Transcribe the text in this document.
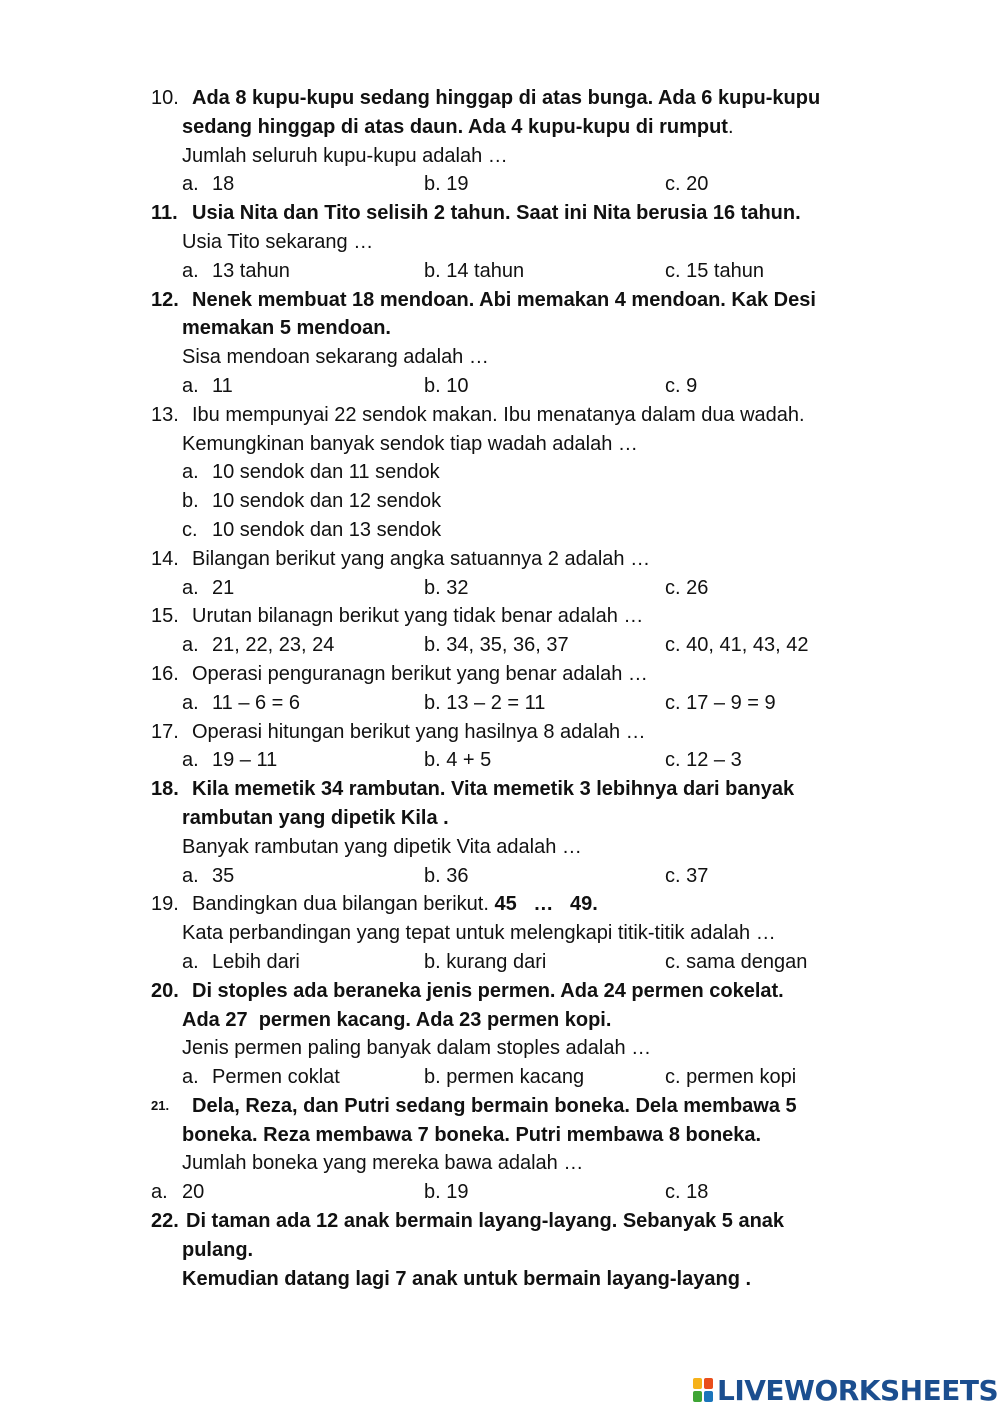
10. Ada 8 kupu-kupu sedang hinggap di atas bunga. Ada 6 kupu-kupu
sedang hinggap di atas daun. Ada 4 kupu-kupu di rumput.
Jumlah seluruh kupu-kupu adalah …
a. 18	b. 19	c. 20
11. Usia Nita dan Tito selisih 2 tahun. Saat ini Nita berusia 16 tahun.
Usia Tito sekarang …
a. 13 tahun	b. 14 tahun	c. 15 tahun
12. Nenek membuat 18 mendoan. Abi memakan 4 mendoan. Kak Desi
memakan 5 mendoan.
Sisa mendoan sekarang adalah …
a. 11	b. 10	c. 9
13. Ibu mempunyai 22 sendok makan. Ibu menatanya dalam dua wadah.
Kemungkinan banyak sendok tiap wadah adalah …
a. 10 sendok dan 11 sendok
b. 10 sendok dan 12 sendok
c. 10 sendok dan 13 sendok
14. Bilangan berikut yang angka satuannya 2 adalah …
a. 21	b. 32	c. 26
15. Urutan bilanagn berikut yang tidak benar adalah …
a. 21, 22, 23, 24	b. 34, 35, 36, 37	c. 40, 41, 43, 42
16. Operasi penguranagn berikut yang benar adalah …
a. 11 – 6 = 6	b. 13 – 2 = 11	c. 17 – 9 = 9
17. Operasi hitungan berikut yang hasilnya 8 adalah …
a. 19 – 11	b. 4 + 5	c. 12 – 3
18. Kila memetik 34 rambutan. Vita memetik 3 lebihnya dari banyak
rambutan yang dipetik Kila .
Banyak rambutan yang dipetik Vita adalah …
a. 35	b. 36	c. 37
19. Bandingkan dua bilangan berikut. 45   …   49.
Kata perbandingan yang tepat untuk melengkapi titik-titik adalah …
a. Lebih dari	b. kurang dari	c. sama dengan
20. Di stoples ada beraneka jenis permen. Ada 24 permen cokelat.
Ada 27  permen kacang. Ada 23 permen kopi.
Jenis permen paling banyak dalam stoples adalah …
a. Permen coklat	b. permen kacang	c. permen kopi
21. Dela, Reza, dan Putri sedang bermain boneka. Dela membawa 5
boneka. Reza membawa 7 boneka. Putri membawa 8 boneka.
Jumlah boneka yang mereka bawa adalah …
a. 20	b. 19	c. 18
22. Di taman ada 12 anak bermain layang-layang. Sebanyak 5 anak
pulang.
Kemudian datang lagi 7 anak untuk bermain layang-layang .
LIVEWORKSHEETS
